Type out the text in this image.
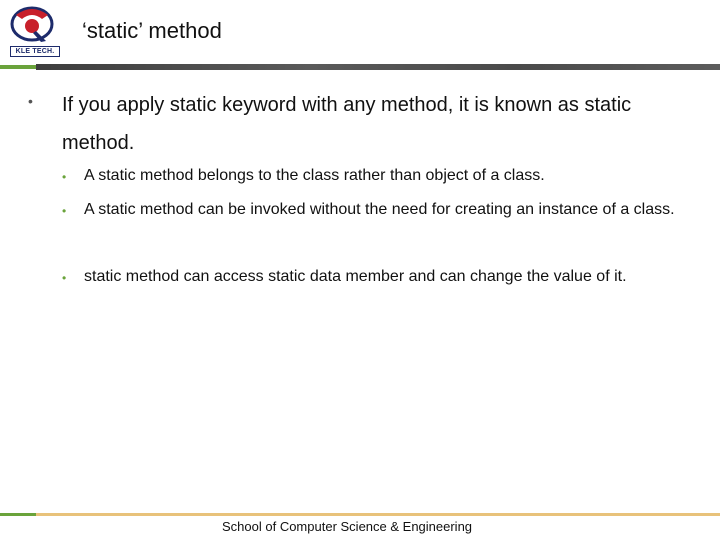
KLE TECH.
‘static’ method
• If you apply static keyword with any method, it is known as static method.
• A static method belongs to the class rather than object of a class.
• A static method can be invoked without the need for creating an instance of a class.
• static method can access static data member and can change the value of it.
School of Computer Science & Engineering
